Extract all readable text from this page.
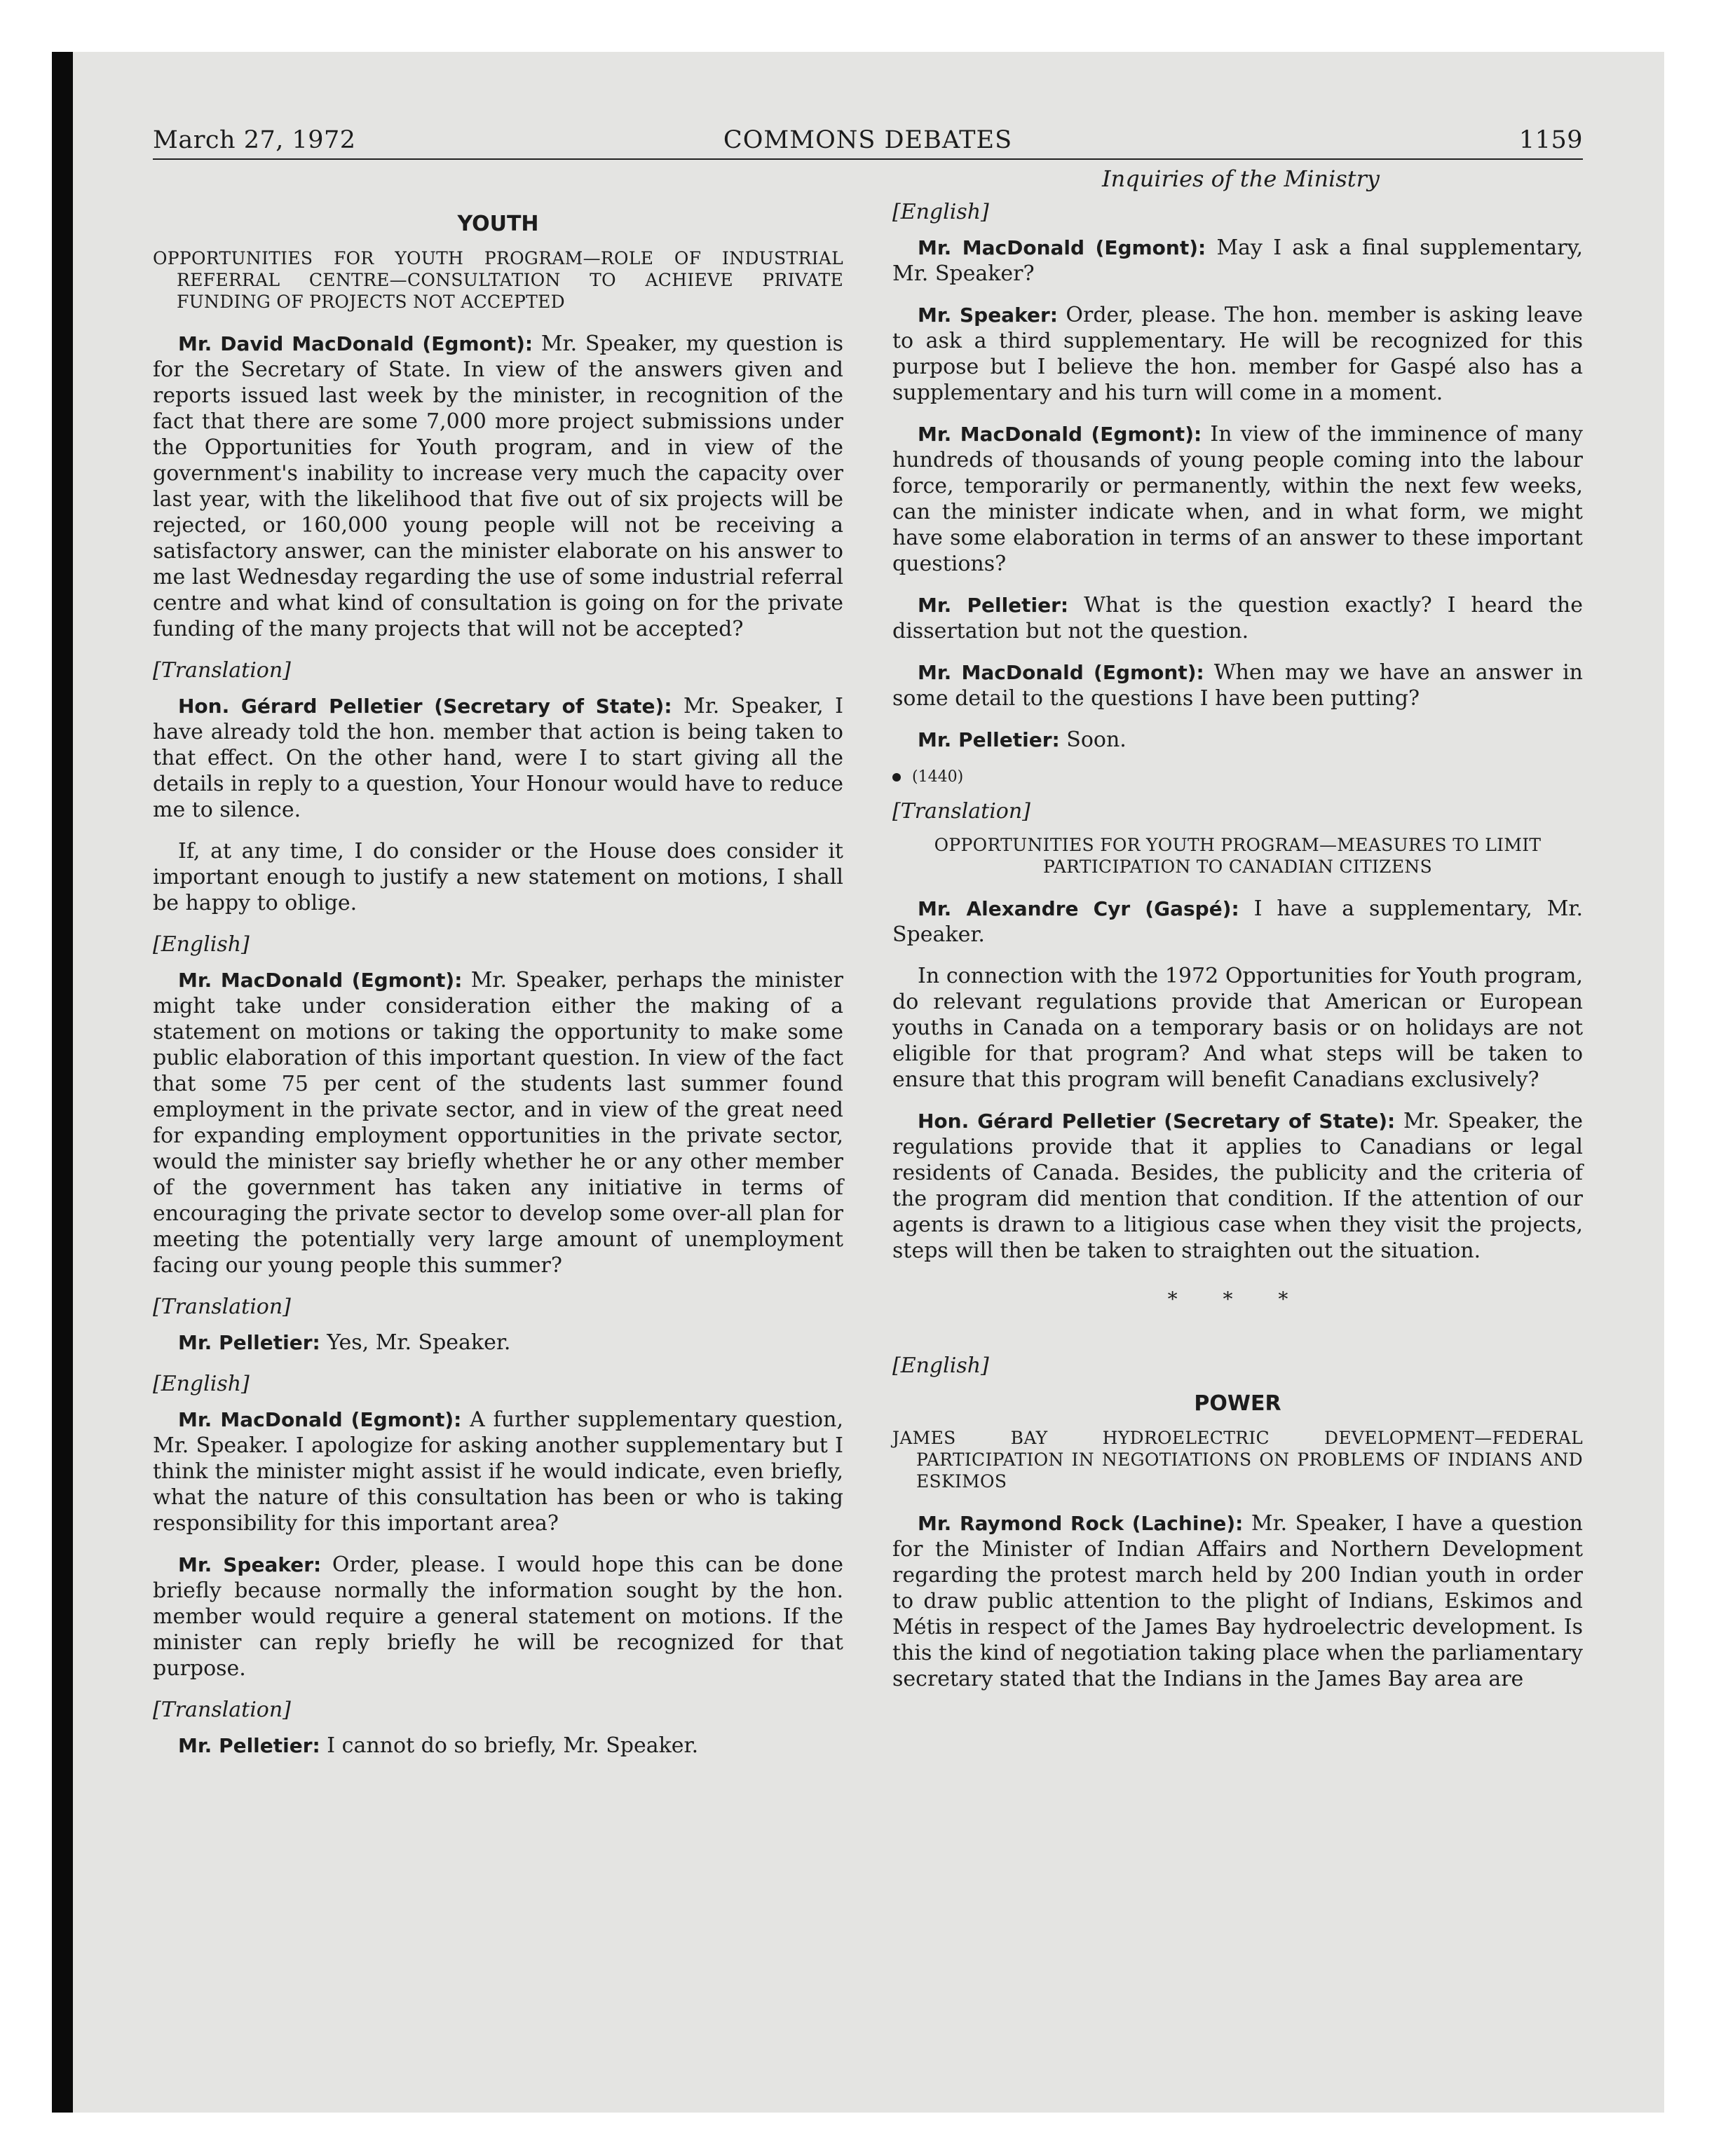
March 27, 1972	COMMONS DEBATES	1159
Inquiries of the Ministry
YOUTH
OPPORTUNITIES FOR YOUTH PROGRAM—ROLE OF INDUSTRIAL REFERRAL CENTRE—CONSULTATION TO ACHIEVE PRIVATE FUNDING OF PROJECTS NOT ACCEPTED

Mr. David MacDonald (Egmont): Mr. Speaker, my question is for the Secretary of State. In view of the answers given and reports issued last week by the minister, in recognition of the fact that there are some 7,000 more project submissions under the Opportunities for Youth program, and in view of the government's inability to increase very much the capacity over last year, with the likelihood that five out of six projects will be rejected, or 160,000 young people will not be receiving a satisfactory answer, can the minister elaborate on his answer to me last Wednesday regarding the use of some industrial referral centre and what kind of consultation is going on for the private funding of the many projects that will not be accepted?

[Translation]

Hon. Gérard Pelletier (Secretary of State): Mr. Speaker, I have already told the hon. member that action is being taken to that effect. On the other hand, were I to start giving all the details in reply to a question, Your Honour would have to reduce me to silence.

If, at any time, I do consider or the House does consider it important enough to justify a new statement on motions, I shall be happy to oblige.

[English]

Mr. MacDonald (Egmont): Mr. Speaker, perhaps the minister might take under consideration either the making of a statement on motions or taking the opportunity to make some public elaboration of this important question. In view of the fact that some 75 per cent of the students last summer found employment in the private sector, and in view of the great need for expanding employment opportunities in the private sector, would the minister say briefly whether he or any other member of the government has taken any initiative in terms of encouraging the private sector to develop some over-all plan for meeting the potentially very large amount of unemployment facing our young people this summer?

[Translation]

Mr. Pelletier: Yes, Mr. Speaker.

[English]

Mr. MacDonald (Egmont): A further supplementary question, Mr. Speaker. I apologize for asking another supplementary but I think the minister might assist if he would indicate, even briefly, what the nature of this consultation has been or who is taking responsibility for this important area?

Mr. Speaker: Order, please. I would hope this can be done briefly because normally the information sought by the hon. member would require a general statement on motions. If the minister can reply briefly he will be recognized for that purpose.

[Translation]

Mr. Pelletier: I cannot do so briefly, Mr. Speaker.

[English]

Mr. MacDonald (Egmont): May I ask a final supplementary, Mr. Speaker?

Mr. Speaker: Order, please. The hon. member is asking leave to ask a third supplementary. He will be recognized for this purpose but I believe the hon. member for Gaspé also has a supplementary and his turn will come in a moment.

Mr. MacDonald (Egmont): In view of the imminence of many hundreds of thousands of young people coming into the labour force, temporarily or permanently, within the next few weeks, can the minister indicate when, and in what form, we might have some elaboration in terms of an answer to these important questions?

Mr. Pelletier: What is the question exactly? I heard the dissertation but not the question.

Mr. MacDonald (Egmont): When may we have an answer in some detail to the questions I have been putting?

Mr. Pelletier: Soon.

(1440)
[Translation]
OPPORTUNITIES FOR YOUTH PROGRAM—MEASURES TO LIMIT PARTICIPATION TO CANADIAN CITIZENS

Mr. Alexandre Cyr (Gaspé): I have a supplementary, Mr. Speaker.

In connection with the 1972 Opportunities for Youth program, do relevant regulations provide that American or European youths in Canada on a temporary basis or on holidays are not eligible for that program? And what steps will be taken to ensure that this program will benefit Canadians exclusively?

Hon. Gérard Pelletier (Secretary of State): Mr. Speaker, the regulations provide that it applies to Canadians or legal residents of Canada. Besides, the publicity and the criteria of the program did mention that condition. If the attention of our agents is drawn to a litigious case when they visit the projects, steps will then be taken to straighten out the situation.

* * *
[English]
POWER
JAMES BAY HYDROELECTRIC DEVELOPMENT—FEDERAL PARTICIPATION IN NEGOTIATIONS ON PROBLEMS OF INDIANS AND ESKIMOS

Mr. Raymond Rock (Lachine): Mr. Speaker, I have a question for the Minister of Indian Affairs and Northern Development regarding the protest march held by 200 Indian youth in order to draw public attention to the plight of Indians, Eskimos and Métis in respect of the James Bay hydroelectric development. Is this the kind of negotiation taking place when the parliamentary secretary stated that the Indians in the James Bay area are
